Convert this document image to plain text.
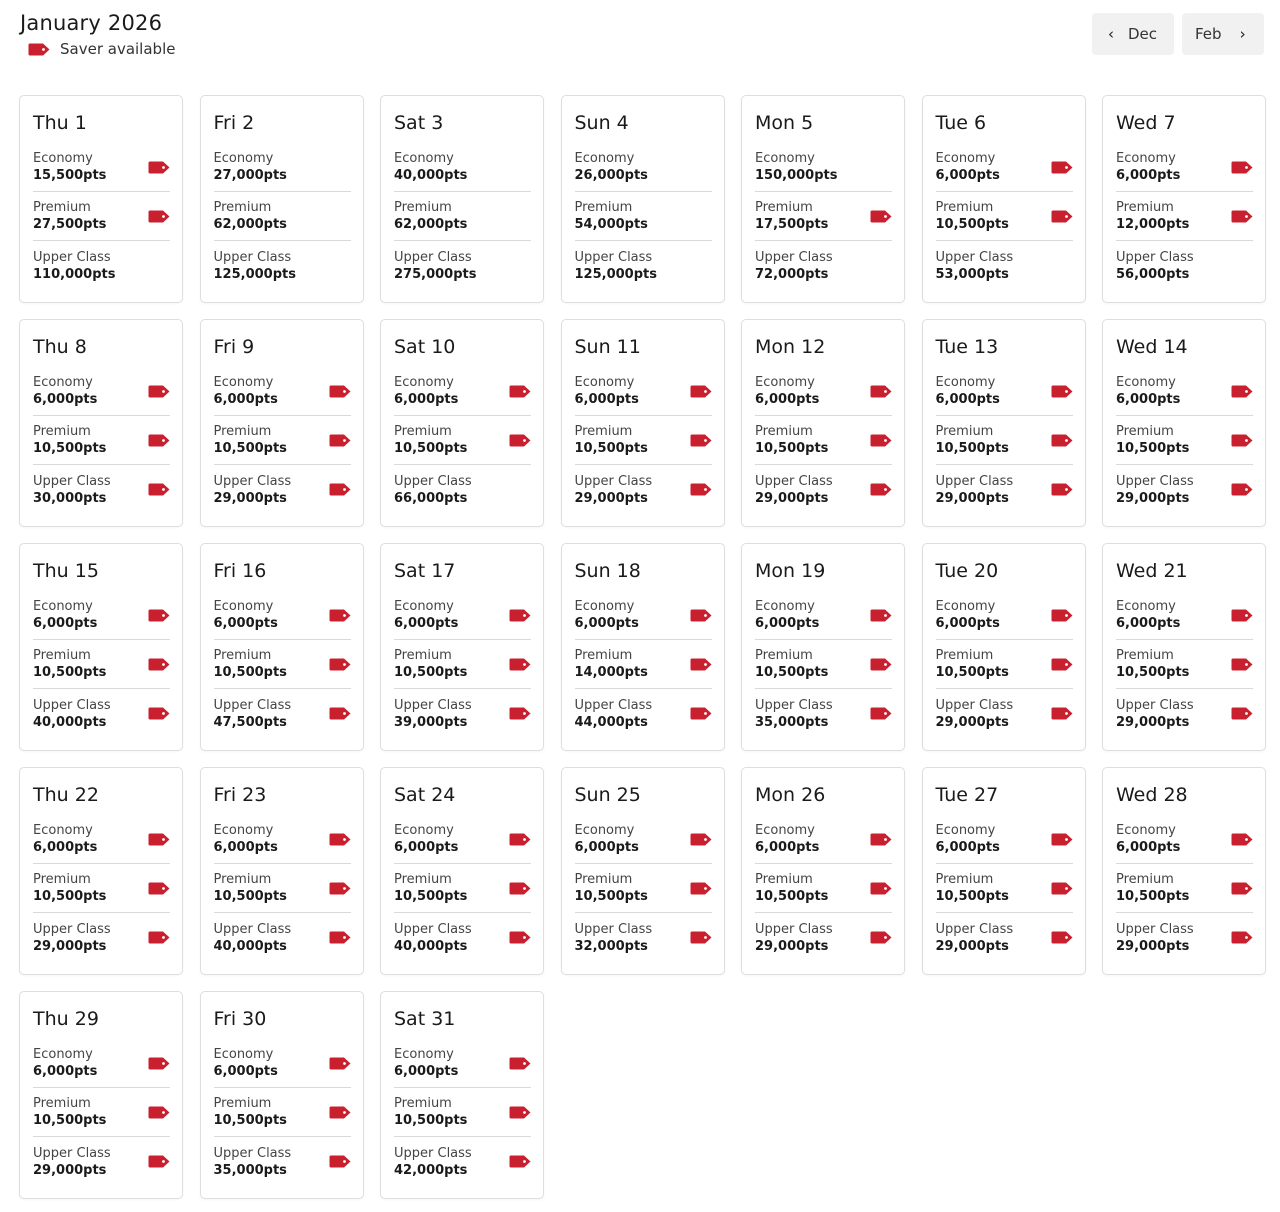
January 2026
Saver available
‹ Dec	Feb ›
Thu 1
Economy
15,500pts
Premium
27,500pts
Upper Class
110,000pts
Fri 2
Economy
27,000pts
Premium
62,000pts
Upper Class
125,000pts
Sat 3
Economy
40,000pts
Premium
62,000pts
Upper Class
275,000pts
Sun 4
Economy
26,000pts
Premium
54,000pts
Upper Class
125,000pts
Mon 5
Economy
150,000pts
Premium
17,500pts
Upper Class
72,000pts
Tue 6
Economy
6,000pts
Premium
10,500pts
Upper Class
53,000pts
Wed 7
Economy
6,000pts
Premium
12,000pts
Upper Class
56,000pts
Thu 8
Economy
6,000pts
Premium
10,500pts
Upper Class
30,000pts
Fri 9
Economy
6,000pts
Premium
10,500pts
Upper Class
29,000pts
Sat 10
Economy
6,000pts
Premium
10,500pts
Upper Class
66,000pts
Sun 11
Economy
6,000pts
Premium
10,500pts
Upper Class
29,000pts
Mon 12
Economy
6,000pts
Premium
10,500pts
Upper Class
29,000pts
Tue 13
Economy
6,000pts
Premium
10,500pts
Upper Class
29,000pts
Wed 14
Economy
6,000pts
Premium
10,500pts
Upper Class
29,000pts
Thu 15
Economy
6,000pts
Premium
10,500pts
Upper Class
40,000pts
Fri 16
Economy
6,000pts
Premium
10,500pts
Upper Class
47,500pts
Sat 17
Economy
6,000pts
Premium
10,500pts
Upper Class
39,000pts
Sun 18
Economy
6,000pts
Premium
14,000pts
Upper Class
44,000pts
Mon 19
Economy
6,000pts
Premium
10,500pts
Upper Class
35,000pts
Tue 20
Economy
6,000pts
Premium
10,500pts
Upper Class
29,000pts
Wed 21
Economy
6,000pts
Premium
10,500pts
Upper Class
29,000pts
Thu 22
Economy
6,000pts
Premium
10,500pts
Upper Class
29,000pts
Fri 23
Economy
6,000pts
Premium
10,500pts
Upper Class
40,000pts
Sat 24
Economy
6,000pts
Premium
10,500pts
Upper Class
40,000pts
Sun 25
Economy
6,000pts
Premium
10,500pts
Upper Class
32,000pts
Mon 26
Economy
6,000pts
Premium
10,500pts
Upper Class
29,000pts
Tue 27
Economy
6,000pts
Premium
10,500pts
Upper Class
29,000pts
Wed 28
Economy
6,000pts
Premium
10,500pts
Upper Class
29,000pts
Thu 29
Economy
6,000pts
Premium
10,500pts
Upper Class
29,000pts
Fri 30
Economy
6,000pts
Premium
10,500pts
Upper Class
35,000pts
Sat 31
Economy
6,000pts
Premium
10,500pts
Upper Class
42,000pts
